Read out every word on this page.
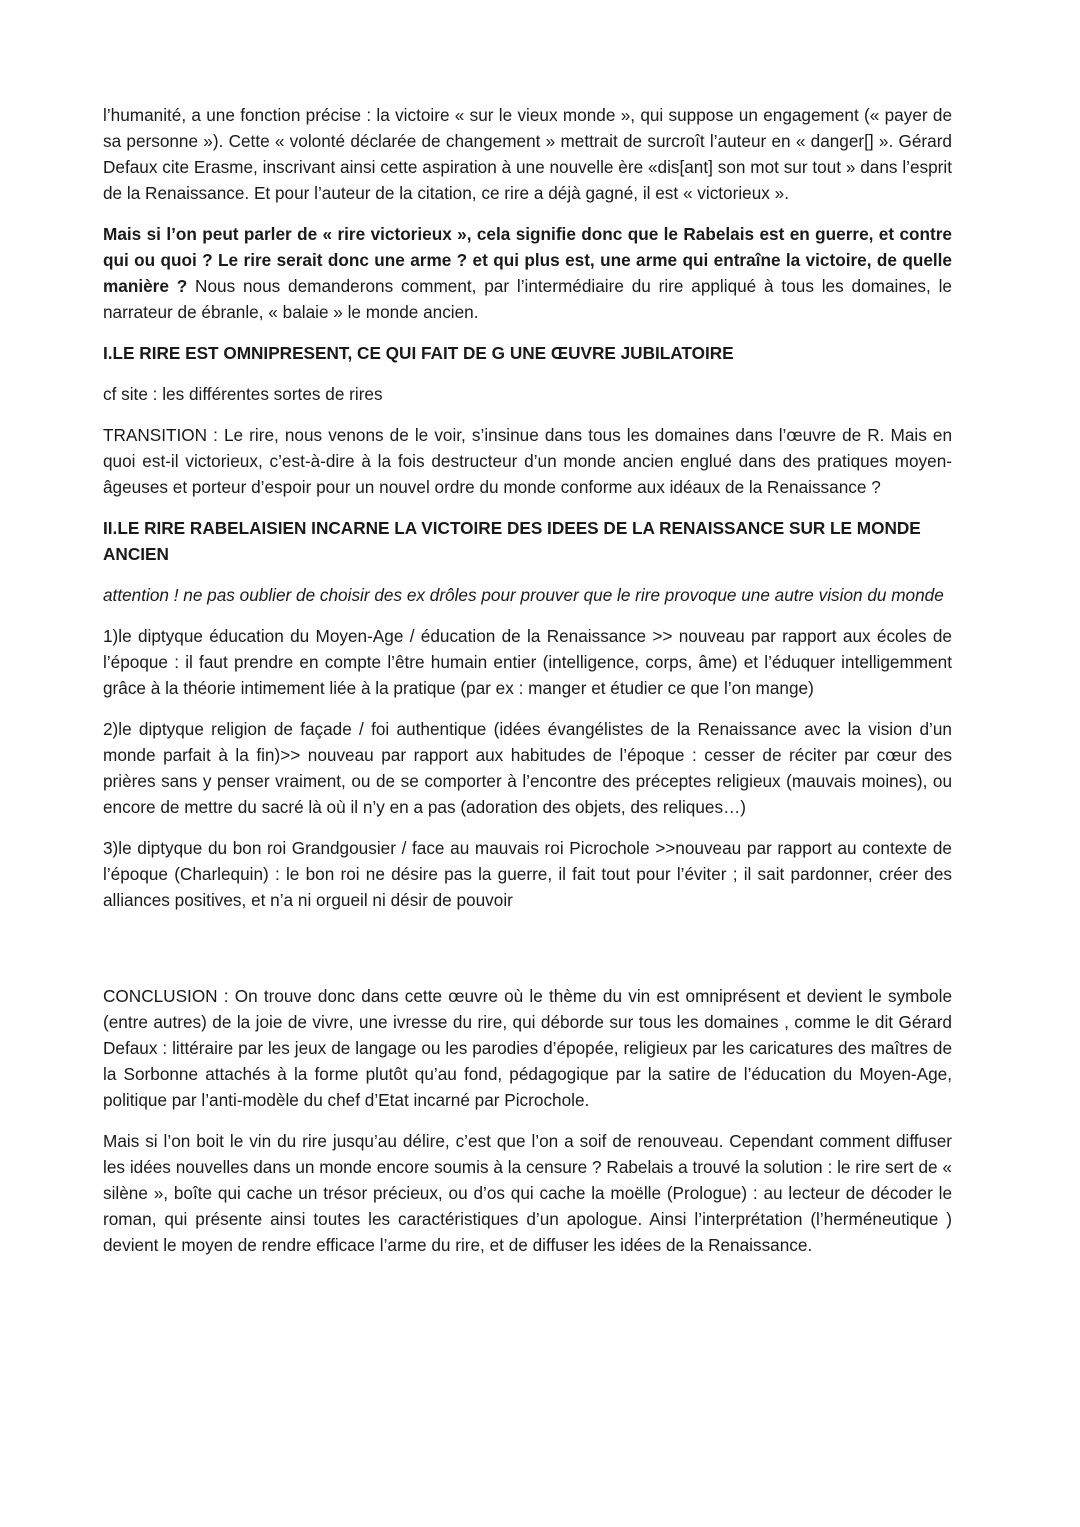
l’humanité, a une fonction précise : la victoire « sur le vieux monde », qui suppose un engagement (« payer de sa personne »). Cette « volonté déclarée de changement » mettrait de surcroît l’auteur en « danger[] ». Gérard Defaux cite Erasme, inscrivant ainsi cette aspiration à une nouvelle ère «dis[ant] son mot sur tout » dans l’esprit de la Renaissance. Et pour l’auteur de la citation, ce rire a déjà gagné, il est « victorieux ».

Mais si l’on peut parler de « rire victorieux », cela signifie donc que le Rabelais est en guerre, et contre qui ou quoi ? Le rire serait donc une arme ? et qui plus est, une arme qui entraîne la victoire, de quelle manière ? Nous nous demanderons comment, par l’intermédiaire du rire appliqué à tous les domaines, le narrateur de ébranle, « balaie » le monde ancien.

I.LE RIRE EST OMNIPRESENT, CE QUI FAIT DE G UNE ŒUVRE JUBILATOIRE

cf site : les différentes sortes de rires

TRANSITION : Le rire, nous venons de le voir, s’insinue dans tous les domaines dans l’œuvre de R. Mais en quoi est-il victorieux, c’est-à-dire à la fois destructeur d’un monde ancien englué dans des pratiques moyen-âgeuses et porteur d’espoir pour un nouvel ordre du monde conforme aux idéaux de la Renaissance ?

II.LE RIRE RABELAISIEN INCARNE LA VICTOIRE DES IDEES DE LA RENAISSANCE SUR LE MONDE ANCIEN

attention ! ne pas oublier de choisir des ex drôles pour prouver que le rire provoque une autre vision du monde

1)le diptyque éducation du Moyen-Age / éducation de la Renaissance >> nouveau par rapport aux écoles de l’époque : il faut prendre en compte l’être humain entier (intelligence, corps, âme) et l’éduquer intelligemment grâce à la théorie intimement liée à la pratique (par ex : manger et étudier ce que l’on mange)

2)le diptyque religion de façade / foi authentique (idées évangélistes de la Renaissance avec la vision d’un monde parfait à la fin)>> nouveau par rapport aux habitudes de l’époque : cesser de réciter par cœur des prières sans y penser vraiment, ou de se comporter à l’encontre des préceptes religieux (mauvais moines), ou encore de mettre du sacré là où il n’y en a pas (adoration des objets, des reliques…)

3)le diptyque du bon roi Grandgousier / face au mauvais roi Picrochole >>nouveau par rapport au contexte de l’époque (Charlequin) : le bon roi ne désire pas la guerre, il fait tout pour l’éviter ; il sait pardonner, créer des alliances positives, et n’a ni orgueil ni désir de pouvoir

CONCLUSION : On trouve donc dans cette œuvre où le thème du vin est omniprésent et devient le symbole (entre autres) de la joie de vivre, une ivresse du rire, qui déborde sur tous les domaines , comme le dit Gérard Defaux : littéraire par les jeux de langage ou les parodies d’épopée, religieux par les caricatures des maîtres de la Sorbonne attachés à la forme plutôt qu’au fond, pédagogique par la satire de l’éducation du Moyen-Age, politique par l’anti-modèle du chef d’Etat incarné par Picrochole.

Mais si l’on boit le vin du rire jusqu’au délire, c’est que l’on a soif de renouveau. Cependant comment diffuser les idées nouvelles dans un monde encore soumis à la censure ? Rabelais a trouvé la solution : le rire sert de « silène », boîte qui cache un trésor précieux, ou d’os qui cache la moëlle (Prologue) : au lecteur de décoder le roman, qui présente ainsi toutes les caractéristiques d’un apologue. Ainsi l’interprétation (l’herméneutique ) devient le moyen de rendre efficace l’arme du rire, et de diffuser les idées de la Renaissance.
